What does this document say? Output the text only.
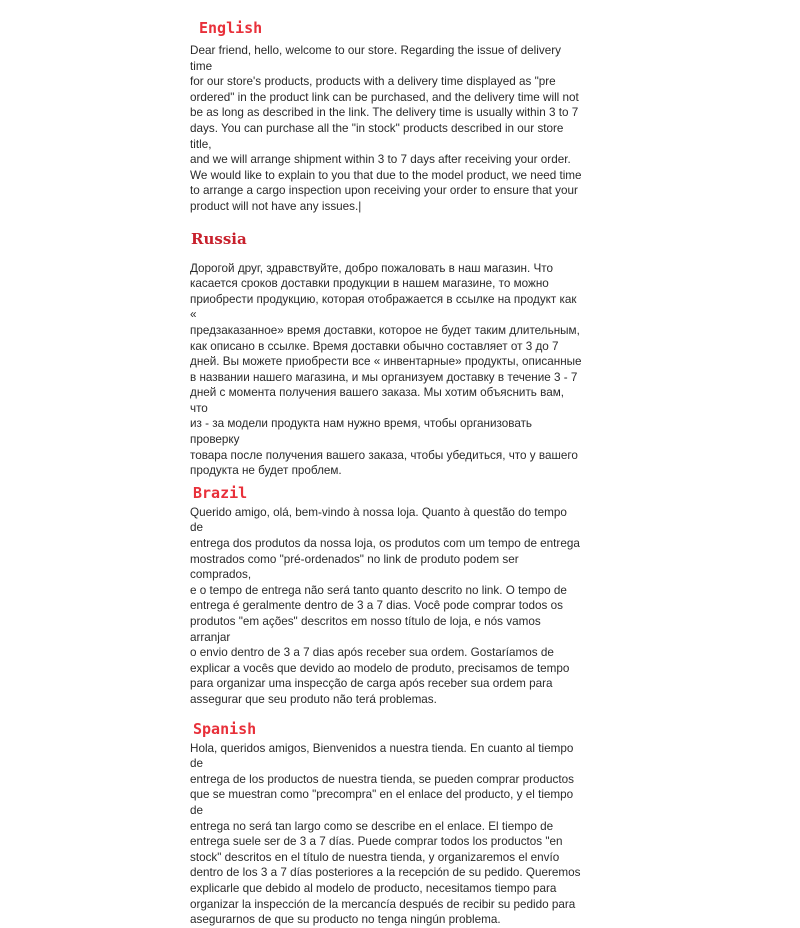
English

Dear friend, hello, welcome to our store. Regarding the issue of delivery time
for our store's products, products with a delivery time displayed as "pre
ordered" in the product link can be purchased, and the delivery time will not
be as long as described in the link. The delivery time is usually within 3 to 7
days. You can purchase all the "in stock" products described in our store title,
and we will arrange shipment within 3 to 7 days after receiving your order.
We would like to explain to you that due to the model product, we need time
to arrange a cargo inspection upon receiving your order to ensure that your
product will not have any issues.|

Russia

Дорогой друг, здравствуйте, добро пожаловать в наш магазин. Что
касается сроков доставки продукции в нашем магазине, то можно
приобрести продукцию, которая отображается в ссылке на продукт как «
предзаказанное» время доставки, которое не будет таким длительным,
как описано в ссылке. Время доставки обычно составляет от 3 до 7
дней. Вы можете приобрести все « инвентарные» продукты, описанные
в названии нашего магазина, и мы организуем доставку в течение 3 - 7
дней с момента получения вашего заказа. Мы хотим объяснить вам, что
из - за модели продукта нам нужно время, чтобы организовать проверку
товара после получения вашего заказа, чтобы убедиться, что у вашего
продукта не будет проблем.

Brazil

Querido amigo, olá, bem-vindo à nossa loja. Quanto à questão do tempo de
entrega dos produtos da nossa loja, os produtos com um tempo de entrega
mostrados como "pré-ordenados" no link de produto podem ser comprados,
e o tempo de entrega não será tanto quanto descrito no link. O tempo de
entrega é geralmente dentro de 3 a 7 dias. Você pode comprar todos os
produtos "em ações" descritos em nosso título de loja, e nós vamos arranjar
o envio dentro de 3 a 7 dias após receber sua ordem. Gostaríamos de
explicar a vocês que devido ao modelo de produto, precisamos de tempo
para organizar uma inspecção de carga após receber sua ordem para
assegurar que seu produto não terá problemas.

Spanish

Hola, queridos amigos, Bienvenidos a nuestra tienda. En cuanto al tiempo de
entrega de los productos de nuestra tienda, se pueden comprar productos
que se muestran como "precompra" en el enlace del producto, y el tiempo de
entrega no será tan largo como se describe en el enlace. El tiempo de
entrega suele ser de 3 a 7 días. Puede comprar todos los productos "en
stock" descritos en el título de nuestra tienda, y organizaremos el envío
dentro de los 3 a 7 días posteriores a la recepción de su pedido. Queremos
explicarle que debido al modelo de producto, necesitamos tiempo para
organizar la inspección de la mercancía después de recibir su pedido para
asegurarnos de que su producto no tenga ningún problema.
